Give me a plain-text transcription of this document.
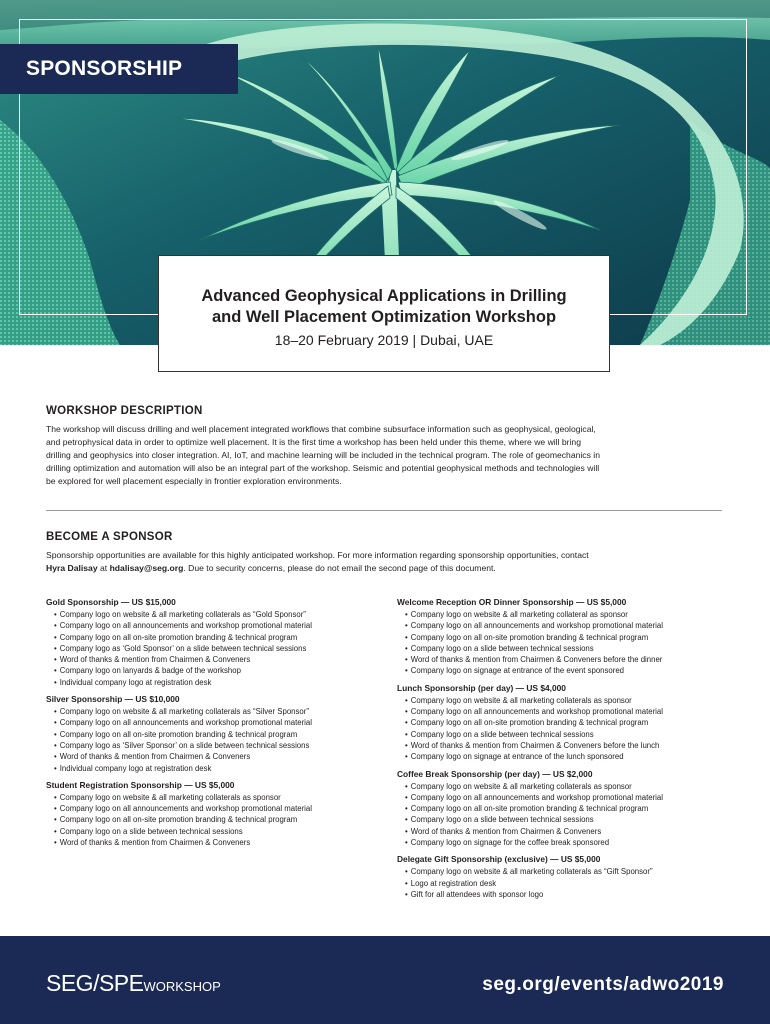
SPONSORSHIP
Advanced Geophysical Applications in Drilling
and Well Placement Optimization Workshop
18–20 February 2019 | Dubai, UAE
WORKSHOP DESCRIPTION

The workshop will discuss drilling and well placement integrated workflows that combine subsurface information such as geophysical, geological,
and petrophysical data in order to optimize well placement. It is the first time a workshop has been held under this theme, where we will bring
drilling and geophysics into closer integration. AI, IoT, and machine learning will be included in the technical program. The role of geomechanics in
drilling optimization and automation will also be an integral part of the workshop. Seismic and potential geophysical methods and technologies will
be explored for well placement especially in frontier exploration environments.

BECOME A SPONSOR

Sponsorship opportunities are available for this highly anticipated workshop. For more information regarding sponsorship opportunities, contact
Hyra Dalisay at hdalisay@seg.org. Due to security concerns, please do not email the second page of this document.

Gold Sponsorship — US $15,000
• Company logo on website & all marketing collaterals as “Gold Sponsor”
• Company logo on all announcements and workshop promotional material
• Company logo on all on-site promotion branding & technical program
• Company logo as ‘Gold Sponsor’ on a slide between technical sessions
• Word of thanks & mention from Chairmen & Conveners
• Company logo on lanyards & badge of the workshop
• Individual company logo at registration desk
Silver Sponsorship — US $10,000
• Company logo on website & all marketing collaterals as “Silver Sponsor”
• Company logo on all announcements and workshop promotional material
• Company logo on all on-site promotion branding & technical program
• Company logo as ‘Silver Sponsor’ on a slide between technical sessions
• Word of thanks & mention from Chairmen & Conveners
• Individual company logo at registration desk
Student Registration Sponsorship — US $5,000
• Company logo on website & all marketing collaterals as sponsor
• Company logo on all announcements and workshop promotional material
• Company logo on all on-site promotion branding & technical program
• Company logo on a slide between technical sessions
• Word of thanks & mention from Chairmen & Conveners
Welcome Reception OR Dinner Sponsorship — US $5,000
• Company logo on website & all marketing collateral as sponsor
• Company logo on all announcements and workshop promotional material
• Company logo on all on-site promotion branding & technical program
• Company logo on a slide between technical sessions
• Word of thanks & mention from Chairmen & Conveners before the dinner
• Company logo on signage at entrance of the event sponsored
Lunch Sponsorship (per day) — US $4,000
• Company logo on website & all marketing collaterals as sponsor
• Company logo on all announcements and workshop promotional material
• Company logo on all on-site promotion branding & technical program
• Company logo on a slide between technical sessions
• Word of thanks & mention from Chairmen & Conveners before the lunch
• Company logo on signage at entrance of the lunch sponsored
Coffee Break Sponsorship (per day) — US $2,000
• Company logo on website & all marketing collaterals as sponsor
• Company logo on all announcements and workshop promotional material
• Company logo on all on-site promotion branding & technical program
• Company logo on a slide between technical sessions
• Word of thanks & mention from Chairmen & Conveners
• Company logo on signage for the coffee break sponsored
Delegate Gift Sponsorship (exclusive) — US $5,000
• Company logo on website & all marketing collaterals as “Gift Sponsor”
• Logo at registration desk
• Gift for all attendees with sponsor logo
SEG/SPEWORKSHOP	seg.org/events/adwo2019
